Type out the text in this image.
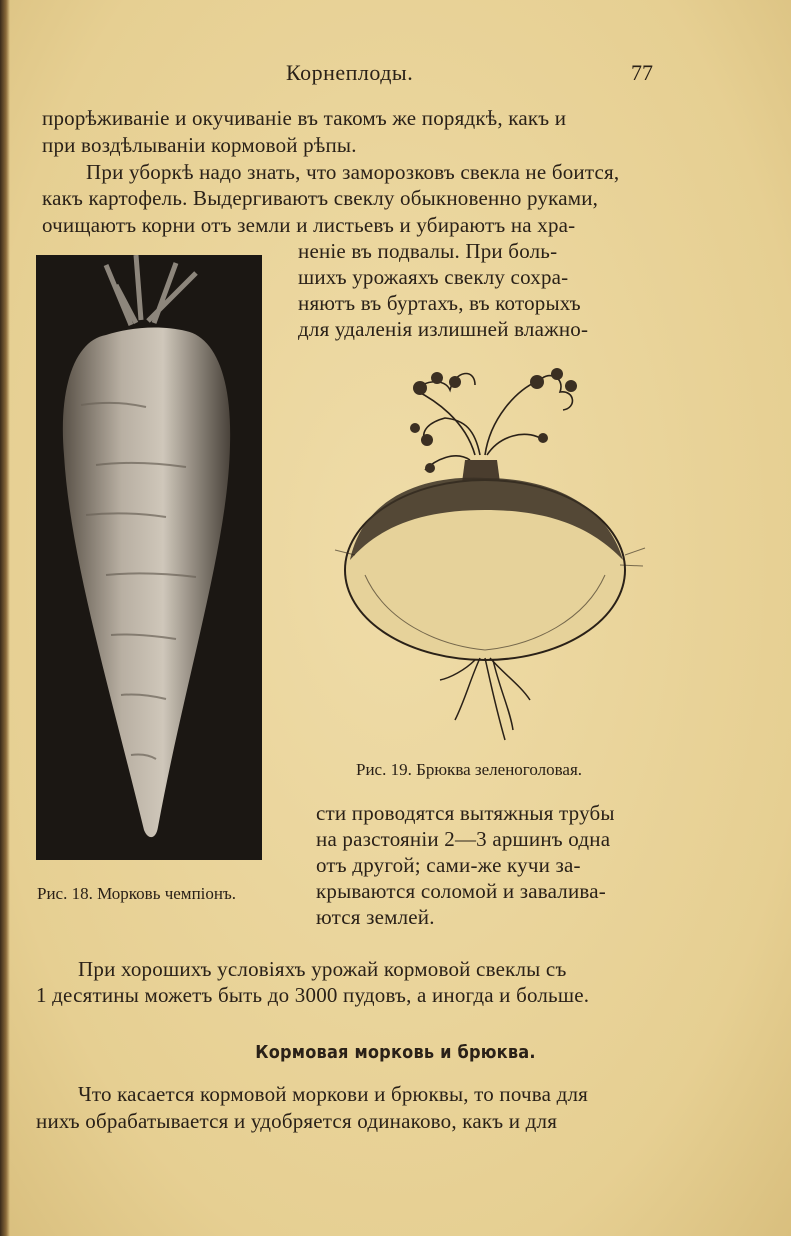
Корнеплоды.	77
прорѣживаніе и окучиваніе въ такомъ же порядкѣ, какъ и
при воздѣлываніи кормовой рѣпы.
При уборкѣ надо знать, что заморозковъ свекла не боится,
какъ картофель. Выдергиваютъ свеклу обыкновенно руками,
очищаютъ корни отъ земли и листьевъ и убираютъ на хра-
неніе въ подвалы. При боль-
шихъ урожаяхъ свеклу сохра-
няютъ въ буртахъ, въ которыхъ
для удаленія излишней влажно-
Рис. 18. Морковь чемпіонъ.
Рис. 19. Брюква зеленоголовая.
сти проводятся вытяжныя трубы
на разстояніи 2—3 аршинъ одна
отъ другой; сами-же кучи за-
крываются соломой и завалива-
ются землей.
При хорошихъ условіяхъ урожай кормовой свеклы съ
1 десятины можетъ быть до 3000 пудовъ, а иногда и больше.
Кормовая морковь и брюква.
Что касается кормовой моркови и брюквы, то почва для
нихъ обрабатывается и удобряется одинаково, какъ и для
